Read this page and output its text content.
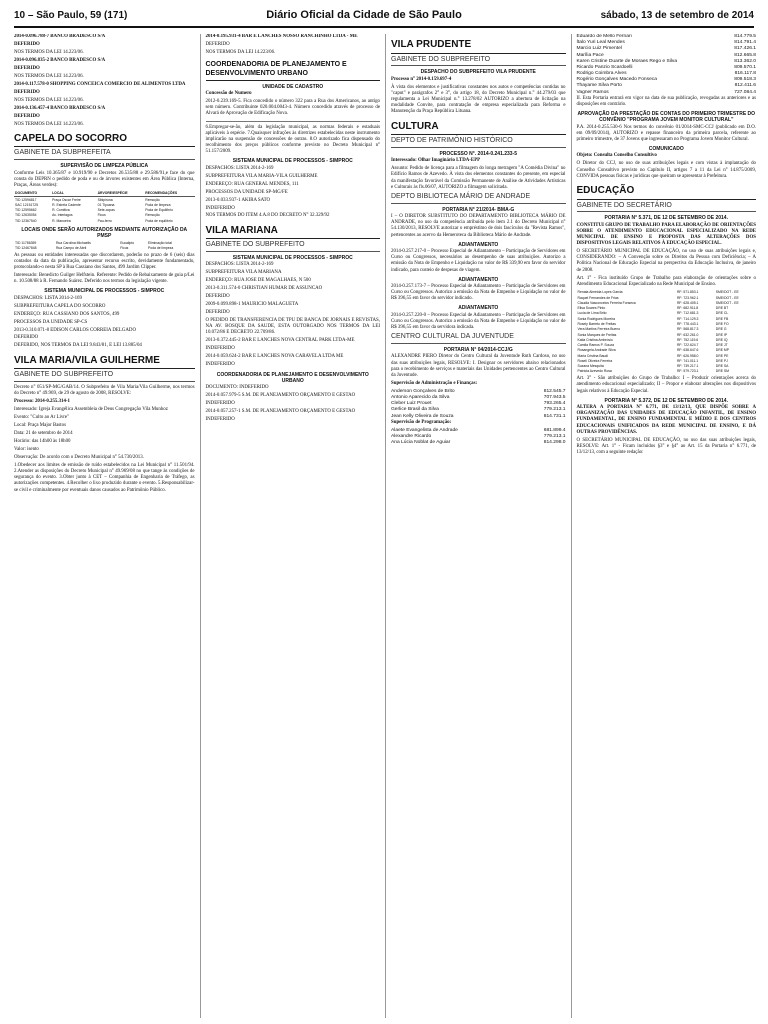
10 – São Paulo, 59 (171)	Diário Oficial da Cidade de São Paulo	sábado, 13 de setembro de 2014

2014-0.096.788-7 BANCO BRADESCO S/A

DEFERIDO

NOS TERMOS DA LEI 14.223/06.

2014-0.096.835-2 BANCO BRADESCO S/A

DEFERIDO

NOS TERMOS DA LEI 14.223/06.

2014-0.117.578-0 SHOPPING CONCEICA COMERCIO DE ALIMENTOS LTDA

DEFERIDO

NOS TERMOS DA LEI 14.223/06.

2014-0.136.457-4 BANCO BRADESCO S/A

DEFERIDO

NOS TERMOS DA LEI 14.223/06.

CAPELA DO SOCORRO
GABINETE DA SUBPREFEITA
SUPERVISÃO DE LIMPEZA PÚBLICA

Conforme Leis 10.365/87 e 10.919/90 e Decretos 26.535/88 e 29.586/91,e face do que consta do DEPRN o pedido de poda e ou de árvores existentes em Área Pública (Interna, Praças, Áreas verdes):

DOCUMENTO	LOCAL	ÁRVORE/ESPÉCIE	RECOMENDAÇÕES
TID 12596817	Praça Oscar Freire	Sibipiruna	Remoção
SAC 12151725	R. Estrela Cadente	01 Tipuana	Poda de limpeza
TID 12595662	R. Comitiva	Sete-copas	Poda de Equilíbrio
TID 12635054	Av. Interlagos	Ficus	Remoção
TID 12367540	R. Manoeira	Pau-ferro	Poda de equilíbrio
LOCAIS ONDE SERÃO AUTORIZADOS MEDIANTE AUTORIZAÇÃO DA PMSP
TID 11786359	Rua Carolina Michaelis	Eucalipto	Eliminação total
TID 12467848	Rua Campo de Abril	Ficus	Poda de limpeza

As pessoas ou entidades interessadas que discordarem, poderão no prazo de 6 (seis) dias contados da data da publicação, apresentar recurso escrito, devidamente fundamentado, protocolando-o nesta SP à Rua Cassiano dos Santos, 499 Jardim Clipper.

Interessado: Benedicto Guilger Helfstein. Referente: Pedido de Rebaixamento de guia p/Lei n. 10.508/88 à R. Fernando Suárez. Deferido nos termos da legislação vigente.

SISTEMA MUNICIPAL DE PROCESSOS - SIMPROC

DESPACHOS: LISTA 2014-2-169

SUBPREFEITURA CAPELA DO SOCORRO

ENDEREÇO: RUA CASSIANO DOS SANTOS, 499

PROCESSOS DA UNIDADE SP-CS

2013-0.310.071-8 EDISON CARLOS CORREIA DELGADO

DEFERIDO

DEFERIDO, NOS TERMOS DA LEI 9.843/81, E LEI 13.885/04

VILA MARIA/VILA GUILHERME
GABINETE DO SUBPREFEITO

Decreto n° 051/SP-MG/GAB/14. O Subprefeito de Vila Maria/Vila Guilherme, nos termos do Decreto n° 49.969, de 29 de agosto de 2008, RESOLVE:

Processo: 2014-0.255.314-1

Interessado: Igreja Evangélica Assembleia de Deus Congregação Vila Munhoz

Evento: "Culto ao Ar Livre"

Local: Praça Major Bastos

Data: 21 de setembro de 2014

Horário: das 14h00 às 18h00

Valor: isento

Observação: De acordo com o Decreto Municipal n° 54.730/2013.

1.Obedecer aos limites de emissão de ruído estabelecidos na Lei Municipal n° 11.501/94. 2.Atender as disposições do Decreto Municipal n° 49.969/08 no que tange às condições de segurança do evento. 3.Obter junto à CET – Companhia de Engenharia de Tráfego, as autorizações competentes. 4.Recolher o lixo produzido durante o evento. 5.Responsabilizar-se civil e criminalmente por eventuais danos causados ao Patrimônio Público.

2014-0.195.931-4 BAR E LANCHES NOSSO RANCHINHO LTDA - ME

DEFERIDO

NOS TERMOS DA LEI 14.223/06.

COORDENADORIA DE PLANEJAMENTO E DESENVOLVIMENTO URBANO
UNIDADE DE CADASTRO

Concessão de Numero

2012-0.239.169-5. Fica concedido o número 322 para a Rua dos Americanos, ao antigo sem número. Contribuinte 020.004.0043-4. Número concedido através de processo de Alvará de Aprovação de Edificação Nova.

6.Empregar-se-ão, além da legislação municipal, as normas federais e estaduais aplicáveis à espécie. 7.Quaisquer infrações às diretrizes estabelecidas neste instrumento implicarão na suspensão de concessões de outras. 8.O autorizado fica dispensado do recolhimento dos preços públicos conforme previsto no Decreto Municipal n° 51.157/2009.

SISTEMA MUNICIPAL DE PROCESSOS - SIMPROC

DESPACHOS: LISTA 2014-2-169

SUBPREFEITURA VILA MARIA-VILA GUILHERME

ENDEREÇO: RUA GENERAL MENDES, 111

PROCESSOS DA UNIDADE SP-MG/FE

2013-0.033.937-1 AKIRA SATO

INDEFERIDO

NOS TERMOS DO ITEM 4.A.8 DO DECRETO N° 32.329/92

VILA MARIANA
GABINETE DO SUBPREFEITO
SISTEMA MUNICIPAL DE PROCESSOS - SIMPROC

DESPACHOS: LISTA 2014-2-169

SUBPREFEITURA VILA MARIANA

ENDEREÇO: RUA JOSE DE MAGALHAES, N 500

2013-0.311.574-0 CHRISTIAN HUMAR DE ASSUNCAO

DEFERIDO

2009-0.099.898-1 MAURICIO MALAGUETA

DEFERIDO

O PEDIDO DE TRANSFERENCIA DE TPU DE BANCA DE JORNAIS E REVISTAS, NA AV. BOSQUE DA SAUDE, ESTA OUTORGADO NOS TERMOS DA LEI 10.072/86 E DECRETO 22.709/86.

2013-0.372.445-2 BAR E LANCHES NOVA CENTRAL PARK LTDA-ME

INDEFERIDO

2014-0.059.624-2 BAR E LANCHES NOVA CARAVELA LTDA ME

INDEFERIDO

COORDENADORIA DE PLANEJAMENTO E DESENVOLVIMENTO URBANO

DOCUMENTO: INDEFERIDO

2014-0.057.979-5 S.M. DE PLANEJAMENTO ORÇAMENTO E GESTAO

INDEFERIDO

2014-0.057.257-1 S.M. DE PLANEJAMENTO ORÇAMENTO E GESTAO

INDEFERIDO

VILA PRUDENTE
GABINETE DO SUBPREFEITO
DESPACHO DO SUBPREFEITO VILA PRUDENTE

Processo n° 2014-0.159.697-4

À vista dos elementos e justificativas constantes nos autos e competências contidas no "caput" e parágrafos 2° e 3°, do artigo 18, do Decreto Municipal n.° 44.279/03 que regulamenta a Lei Municipal n.° 13.278/02 AUTORIZO a abertura de licitação na modalidade Convite, para contratação de empresa especializada para Reforma e Manutenção da Praça República Lituana.

CULTURA
DEPTO DE PATRIMÔNIO HISTÓRICO
PROCESSO N°. 2014-0.241.233-5

Interessado: Olhar Imaginário LTDA-EPP

Assunto: Pedido de licença para a filmagem do longa metragem "A Comédia Divina" no Edifício Ramos de Azevedo. À vista dos elementos constantes do presente, em especial da manifestação favorável da Comissão Permanente de Análise de Atividades Artísticas e Culturais às fls.06/07, AUTORIZO a filmagem solicitada.

DEPTO BIBLIOTECA MÁRIO DE ANDRADE
PORTARIA N° 21/2014- BMA-G

I – O DIRETOR SUBSTITUTO DO DEPARTAMENTO BIBLIOTECA MÁRIO DE ANDRADE, no uso da competência atribuída pelo item 2.1 do Decreto Municipal n° 54.130/2013, RESOLVE autorizar o empréstimo de dois fascículos da "Revista Ramos", pertencentes ao acervo da Hemeroteca da Biblioteca Mário de Andrade.

ADIANTAMENTO

2014-0.257.217-0 – Processo Especial de Adiantamento – Participação de Servidores em Curso ou Congressos, necessários ao desempenho de suas atribuições. Autorizo a emissão da Nota de Empenho e Liquidação no valor de R$ 339,90 em favor do servidor indicado, para custeio de despesas de viagem.

ADIANTAMENTO

2014-0.257.173-7 – Processo Especial de Adiantamento – Participação de Servidores em Curso ou Congressos. Autorizo a emissão da Nota de Empenho e Liquidação no valor de R$ 396,55 em favor do servidor indicado.

ADIANTAMENTO

2014-0.257.220-0 – Processo Especial de Adiantamento – Participação de Servidores em Curso ou Congressos. Autorizo a emissão da Nota de Empenho e Liquidação no valor de R$ 396,55 em favor da servidora indicada.

CENTRO CULTURAL DA JUVENTUDE
PORTARIA N° 04/2014-CCJ/G

ALEXANDRE PIERO Diretor do Centro Cultural da Juventude Ruth Cardoso, no uso das suas atribuições legais, RESOLVE: I. Designar os servidores abaixo relacionados para o recebimento de serviços e materiais das Unidades pertencentes ao Centro Cultural da Juventude.

Supervisão de Administração e Finanças:

Anderson Gonçalves de Brito	812.545.7
Antonio Aparecido da Silva	707.943.5
Cleber Luiz Prouet	793.265.4
Gerlice Brasil da Silva	779.213.1
Jean Kelly Oliveira de Souza	814.731.1

Supervisão de Programação:

Alaete Evangelista de Andrade	681.899.4
Alexandre Ricardo	779.213.1
Ana Lúcia Noblat de Aguiar	814.298.0
Eduardo de Mello Fernari	814.779.5
Ítalo Yuri Leal Mendes	814.791.4
Marcio Luiz Pimentel	817.426.1
Marília Pace	812.665.8
Karen Cristine Duarte de Moraes Rego e Silva	813.362.0
Ricardo Panzio Scardoelli	809.570.1
Rodrigo Coimbra Alves	816.117.8
Rogério Gonçalves Macedo Fonseca	809.518.3
Thayame Silva Porto	812.411.6
Vagner Ramos	727.084.4

II. Esta Portaria entrará em vigor na data de sua publicação, revogadas as anteriores e as disposições em contrário.

APROVAÇÃO DA PRESTAÇÃO DE CONTAS DO PRIMEIRO TRIMESTRE DO CONVÊNIO "PROGRAMA JOVEM MONITOR CULTURAL"

P.A. 2014-0.255.530-6 Nos termos do convênio 01/2014-SMC-CCJ (publicado em D.O. em 09/09/2014), AUTORIZO e repasse financeiro da primeira parcela, referente ao primeiro trimestre, de 37 Jovens que ingressaram no Programa Jovem Monitor Cultural.

COMUNICADO

Objeto: Consulta Conselho Consultivo

O Diretor do CCJ, no uso de suas atribuições legais e com vistas à implantação do Conselho Consultivo previsto no Capítulo II, artigos 7 a 11 da Lei n° 14.875/2009, CONVIDA pessoas físicas e jurídicas que queiram se apresentar à Prefeitura.

EDUCAÇÃO
GABINETE DO SECRETÁRIO
PORTARIA N° 5.371, DE 12 DE SETEMBRO DE 2014.

CONSTITUI GRUPO DE TRABALHO PARA ELABORAÇÃO DE ORIENTAÇÕES SOBRE O ATENDIMENTO EDUCACIONAL ESPECIALIZADO NA REDE MUNICIPAL DE ENSINO E PROPOSTA DAS ALTERAÇÕES DOS DISPOSITIVOS LEGAIS RELATIVOS À EDUCAÇÃO ESPECIAL.

O SECRETÁRIO MUNICIPAL DE EDUCAÇÃO, no uso de suas atribuições legais e, CONSIDERANDO: – A Convenção sobre os Direitos da Pessoa com Deficiência; – A Política Nacional de Educação Especial na perspectiva da Educação Inclusiva, de janeiro de 2008.

Art. 1° - Fica instituído Grupo de Trabalho para elaboração de orientações sobre o Atendimento Educacional Especializado na Rede Municipal de Ensino.

Renata Almeida Lopes Garcia	RF: 571.853.1	SME/DOT - EE
Raquel Fernandes de Frias	RF: 723.962.1	SME/DOT - EE
Claudia Vasconcelos Ferreira Fonseca	RF: 628.405.1	SME/DOT - EE
Elisa Soares Pinto	RF: 682.911.8	DRE BT
Lucia de Lima Brito	RF: 712.681.3	DRE CL
Sonia Rodrigues Moreira	RF: 714.129.3	DRE FB
Rosely Barreto de Freitas	RF: 778.443.1	DRE FO
Vera Martins Ferreira Bueno	RF: 568.817.3	DRE G
Sonia Marques de Freitas	RF: 632.261.0	DRE IP
Katia Cristina Ambrósio	RF: 752.119.6	DRE IQ
Camila Ramos P. Souza	RF: 722.624.7	DRE JT
Rosangela Andrade Silva	RF: 638.647.6	DRE MP
Maria Cristina Baudi	RF: 626.958.0	DRE PE
Roseli Oliveira Ferreira	RF: 741.011.1	DRE PJ
Suzana Mesquita	RF: 739.217.1	DRE SA
Patrícia Azevedo Rosa	RF: 579.723.1	DRE SM

Art. 3° - São atribuições do Grupo de Trabalho: I – Produzir orientações acerca do atendimento educacional especializado; II – Propor e elaborar alterações nos dispositivos legais relativos à Educação Especial.

PORTARIA N° 5.372, DE 12 DE SETEMBRO DE 2014.

ALTERA A PORTARIA N° 6.771, DE 13/12/13, QUE DISPÕE SOBRE A ORGANIZAÇÃO DAS UNIDADES DE EDUCAÇÃO INFANTIL, DE ENSINO FUNDAMENTAL, DE ENSINO FUNDAMENTAL E MÉDIO E DOS CENTROS EDUCACIONAIS UNIFICADOS DA REDE MUNICIPAL DE ENSINO, E DÁ OUTRAS PROVIDÊNCIAS.

O SECRETÁRIO MUNICIPAL DE EDUCAÇÃO, no uso das suas atribuições legais, RESOLVE: Art. 1° - Ficam incluídos §3° e §4° ao Art. 15 da Portaria n° 6.771, de 13/12/13, com a seguinte redação:
